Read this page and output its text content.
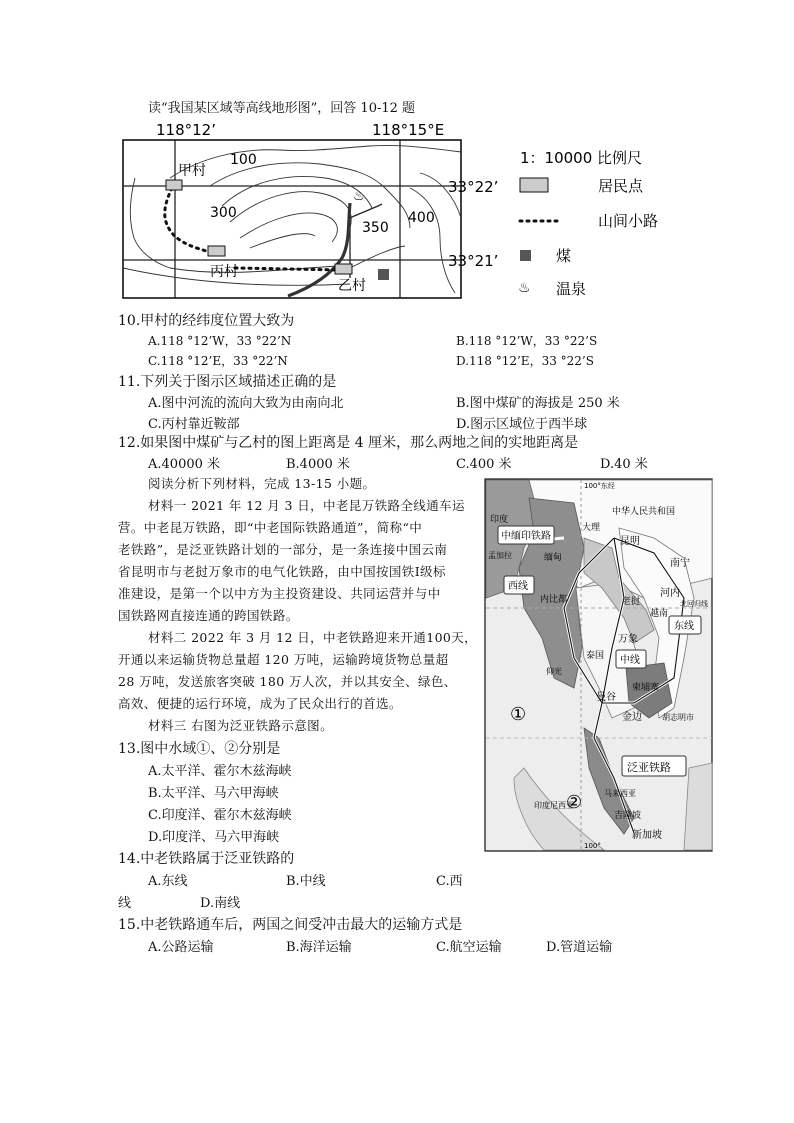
读“我国某区域等高线地形图”，回答 10-12 题
118°12’	118°15°E
♨
甲村
丙村
乙村
100
300
350
400
33°22’
33°21’
1：10000 比例尺
居民点
山间小路
煤
♨ 温泉
10.甲村的经纬度位置大致为
A.118 °12’W，33 °22’N	B.118 °12’W，33 °22’S
C.118 °12’E，33 °22’N	D.118 °12’E，33 °22’S
11.下列关于图示区域描述正确的是
A.图中河流的流向大致为由南向北	B.图中煤矿的海拔是 250 米
C.丙村靠近鞍部	D.图示区域位于西半球
12.如果图中煤矿与乙村的图上距离是 4 厘米，那么两地之间的实地距离是
A.40000 米	B.4000 米	C.400 米	D.40 米
阅读分析下列材料，完成 13-15 小题。
材料一 2021 年 12 月 3 日，中老昆万铁路全线通车运
营。中老昆万铁路，即“中老国际铁路通道”，简称“中
老铁路”，是泛亚铁路计划的一部分，是一条连接中国云南
省昆明市与老挝万象市的电气化铁路，由中国按国铁Ⅰ级标
准建设，是第一个以中方为主投资建设、共同运营并与中
国铁路网直接连通的跨国铁路。
材料二 2022 年 3 月 12 日，中老铁路迎来开通100天，
开通以来运输货物总量超 120 万吨，运输跨境货物总量超
28 万吨，发送旅客突破 180 万人次，并以其安全、绿色、
高效、便捷的运行环境，成为了民众出行的首选。
材料三 右图为泛亚铁路示意图。
中缅印铁路
西线
中线
东线
泛亚铁路
昆明
大理
南宁
河内
内比都
万象
曼谷
金边	胡志明市
新加坡
吉隆坡
印度
缅甸
泰国
老挝
越南
柬埔寨
中华人民共和国
马来西亚
印度尼西亚
孟加拉
仰光
①
②
100°东经
北回归线
100°
13.图中水域①、②分别是
A.太平洋、霍尔木兹海峡
B.太平洋、马六甲海峡
C.印度洋、霍尔木兹海峡
D.印度洋、马六甲海峡
14.中老铁路属于泛亚铁路的
A.东线	B.中线	C.西
线	D.南线
15.中老铁路通车后，两国之间受冲击最大的运输方式是
A.公路运输	B.海洋运输	C.航空运输	D.管道运输
